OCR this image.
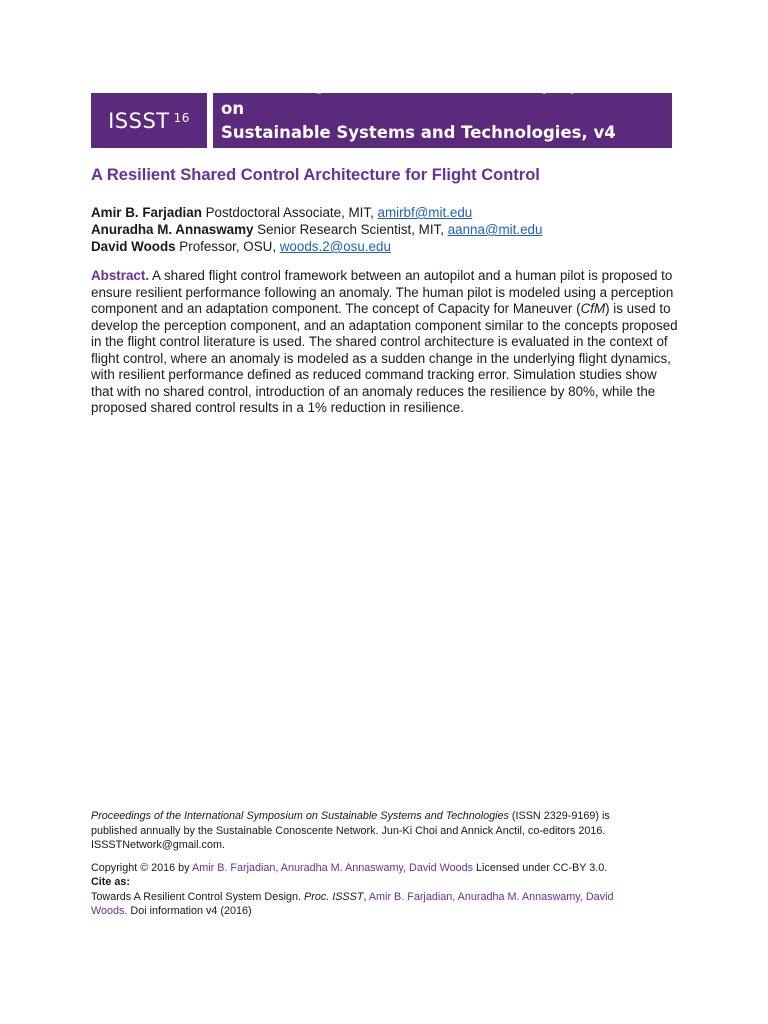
ISSST $^{16}$
Proceedings of the International Symposium on
Sustainable Systems and Technologies, v4 (2016)
A Resilient Shared Control Architecture for Flight Control
Amir B. Farjadian Postdoctoral Associate, MIT, amirbf@mit.edu
Anuradha M. Annaswamy Senior Research Scientist, MIT, aanna@mit.edu
David Woods Professor, OSU, woods.2@osu.edu
Abstract. A shared flight control framework between an autopilot and a human pilot is proposed to ensure resilient performance following an anomaly. The human pilot is modeled using a perception component and an adaptation component. The concept of Capacity for Maneuver (CfM) is used to develop the perception component, and an adaptation component similar to the concepts proposed in the flight control literature is used. The shared control architecture is evaluated in the context of flight control, where an anomaly is modeled as a sudden change in the underlying flight dynamics, with resilient performance defined as reduced command tracking error. Simulation studies show that with no shared control, introduction of an anomaly reduces the resilience by 80%, while the proposed shared control results in a 1% reduction in resilience.

Proceedings of the International Symposium on Sustainable Systems and Technologies (ISSN 2329-9169) is published annually by the Sustainable Conoscente Network. Jun-Ki Choi and Annick Anctil, co-editors 2016. ISSSTNetwork@gmail.com.

Copyright © 2016 by Amir B. Farjadian, Anuradha M. Annaswamy, David Woods Licensed under CC-BY 3.0.

Cite as:

Towards A Resilient Control System Design. Proc. ISSST, Amir B. Farjadian, Anuradha M. Annaswamy, David Woods. Doi information v4 (2016)
